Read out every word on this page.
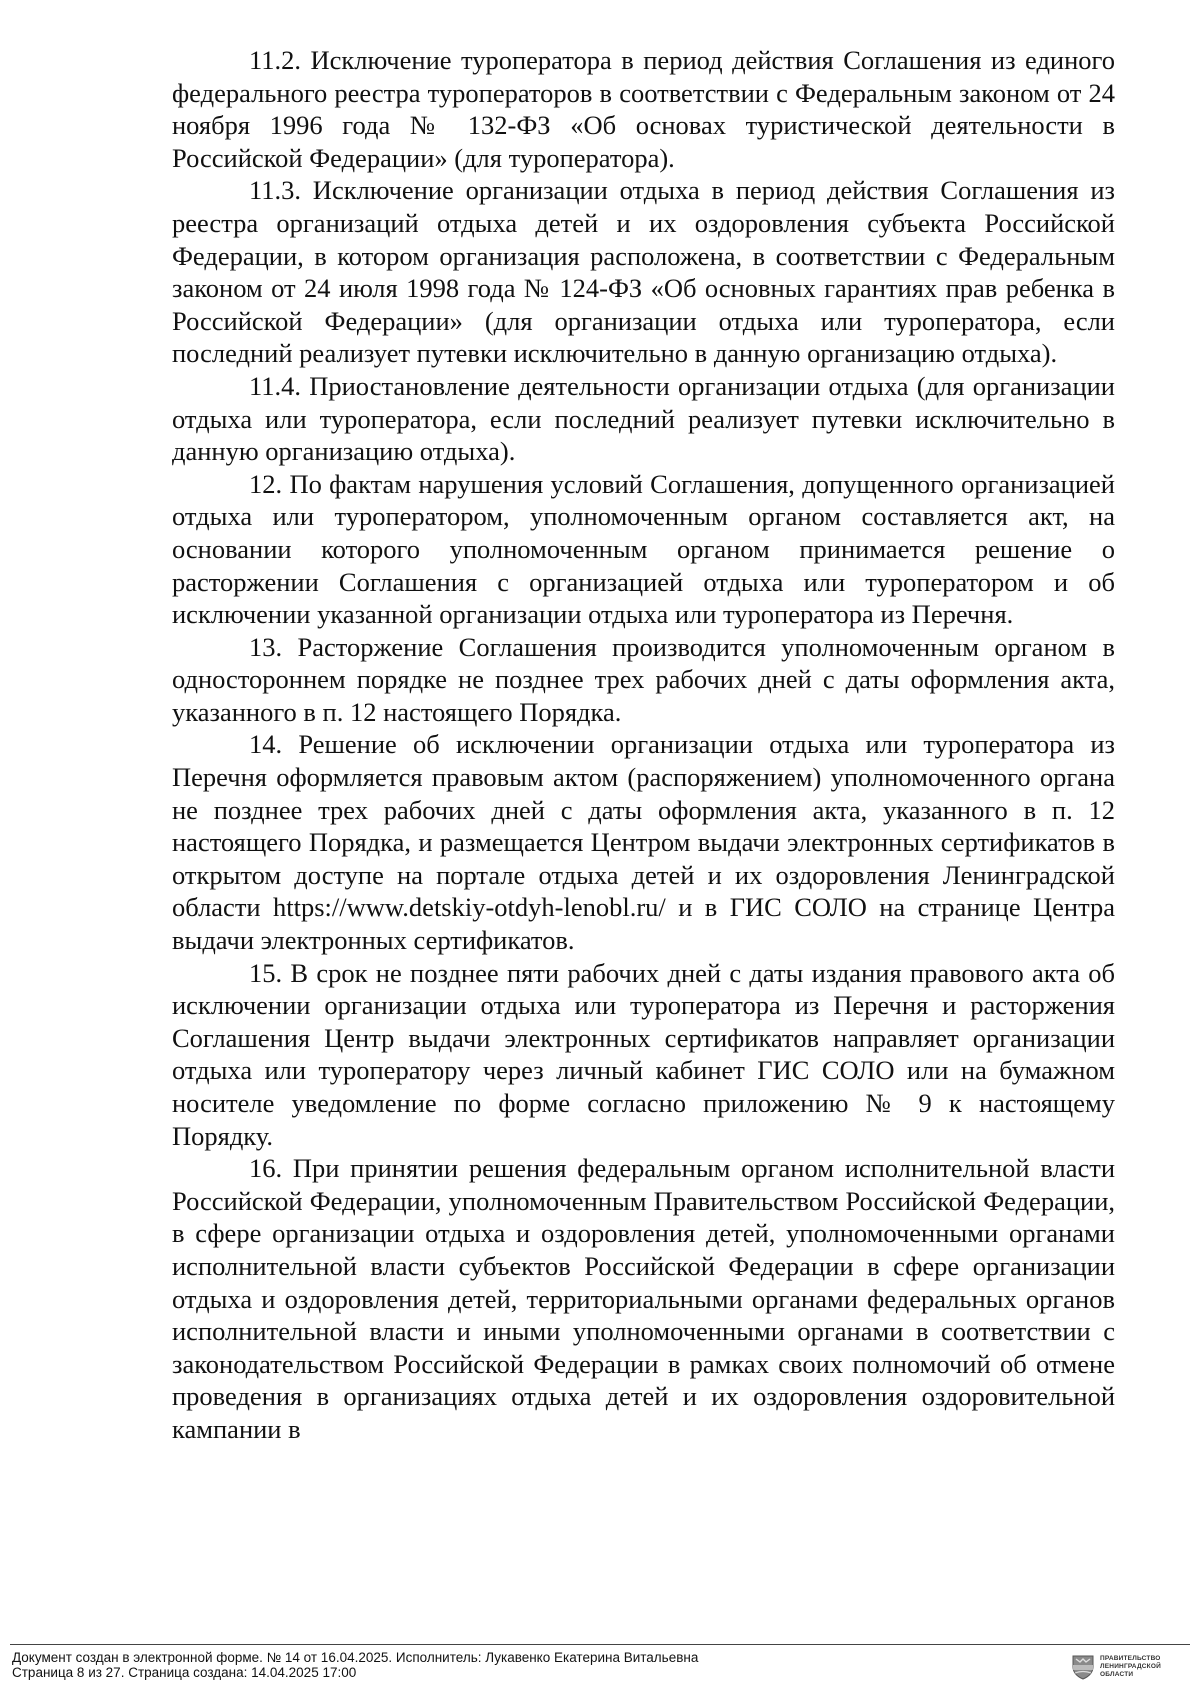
11.2. Исключение туроператора в период действия Соглашения из единого федерального реестра туроператоров в соответствии с Федеральным законом от 24 ноября 1996 года № 132-ФЗ «Об основах туристической деятельности в Российской Федерации» (для туроператора).

11.3. Исключение организации отдыха в период действия Соглашения из реестра организаций отдыха детей и их оздоровления субъекта Российской Федерации, в котором организация расположена, в соответствии с Федеральным законом от 24 июля 1998 года № 124-ФЗ «Об основных гарантиях прав ребенка в Российской Федерации» (для организации отдыха или туроператора, если последний реализует путевки исключительно в данную организацию отдыха).

11.4. Приостановление деятельности организации отдыха (для организации отдыха или туроператора, если последний реализует путевки исключительно в данную организацию отдыха).

12. По фактам нарушения условий Соглашения, допущенного организацией отдыха или туроператором, уполномоченным органом составляется акт, на основании которого уполномоченным органом принимается решение о расторжении Соглашения с организацией отдыха или туроператором и об исключении указанной организации отдыха или туроператора из Перечня.

13. Расторжение Соглашения производится уполномоченным органом в одностороннем порядке не позднее трех рабочих дней с даты оформления акта, указанного в п. 12 настоящего Порядка.

14. Решение об исключении организации отдыха или туроператора из Перечня оформляется правовым актом (распоряжением) уполномоченного органа не позднее трех рабочих дней с даты оформления акта, указанного в п. 12 настоящего Порядка, и размещается Центром выдачи электронных сертификатов в открытом доступе на портале отдыха детей и их оздоровления Ленинградской области https://www.detskiy-otdyh-lenobl.ru/ и в ГИС СОЛО на странице Центра выдачи электронных сертификатов.

15. В срок не позднее пяти рабочих дней с даты издания правового акта об исключении организации отдыха или туроператора из Перечня и расторжения Соглашения Центр выдачи электронных сертификатов направляет организации отдыха или туроператору через личный кабинет ГИС СОЛО или на бумажном носителе уведомление по форме согласно приложению № 9 к настоящему Порядку.

16. При принятии решения федеральным органом исполнительной власти Российской Федерации, уполномоченным Правительством Российской Федерации, в сфере организации отдыха и оздоровления детей, уполномоченными органами исполнительной власти субъектов Российской Федерации в сфере организации отдыха и оздоровления детей, территориальными органами федеральных органов исполнительной власти и иными уполномоченными органами в соответствии с законодательством Российской Федерации в рамках своих полномочий об отмене проведения в организациях отдыха детей и их оздоровления оздоровительной кампании в

Документ создан в электронной форме. № 14 от 16.04.2025. Исполнитель: Лукавенко Екатерина Витальевна
Страница 8 из 27. Страница создана: 14.04.2025 17:00
ПРАВИТЕЛЬСТВО
ЛЕНИНГРАДСКОЙ
ОБЛАСТИ
